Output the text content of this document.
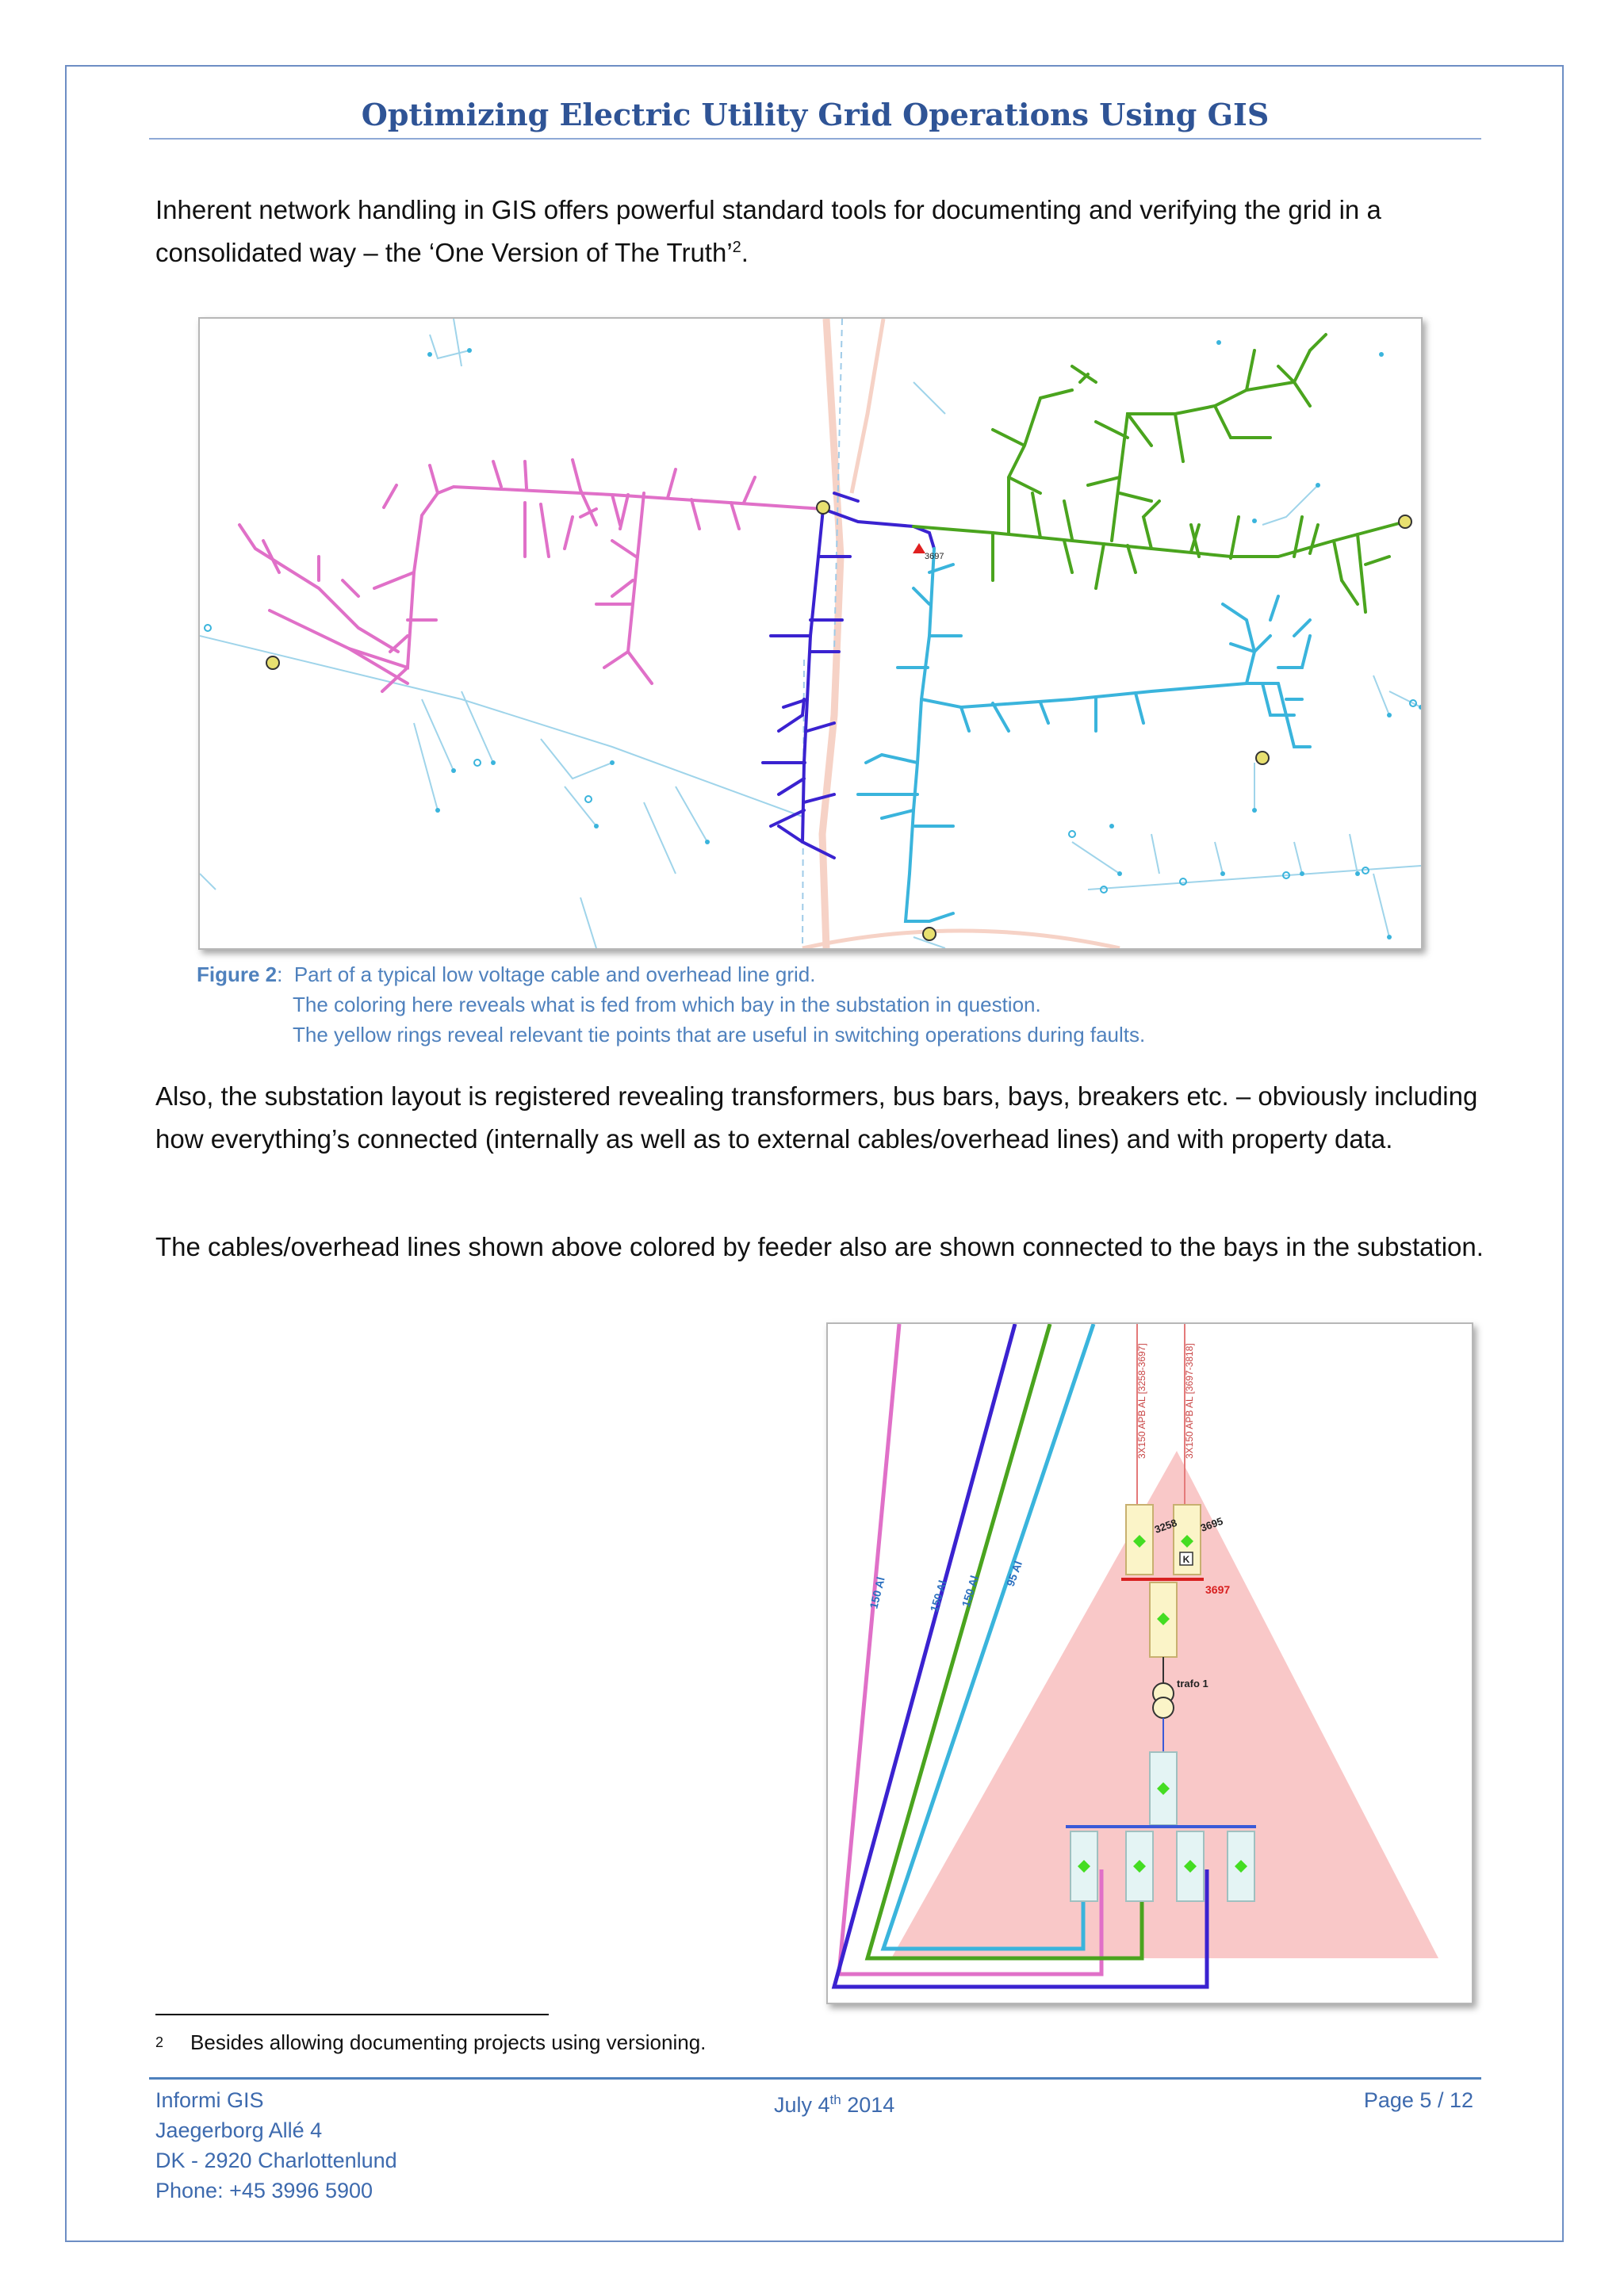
Optimizing Electric Utility Grid Operations Using GIS

Inherent network handling in GIS offers powerful standard tools for documenting and verifying the grid in a consolidated way – the ‘One Version of The Truth’$^2$.

3697
Figure 2: Part of a typical low voltage cable and overhead line grid.
The coloring here reveals what is fed from which bay in the substation in question.
The yellow rings reveal relevant tie points that are useful in switching operations during faults.

Also, the substation layout is registered revealing transformers, bus bars, bays, breakers etc. – obviously including how everything’s connected (internally as well as to external cables/overhead lines) and with property data.

The cables/overhead lines shown above colored by feeder also are shown connected to the bays in the substation.

150 Al	150 Al 150 Al
95 Al
3X150 APB AL [3258-3697]	3X150 APB AL [3697-3818]
3258 3695
K
3697
trafo 1
$^2$ Besides allowing documenting projects using versioning.
Informi GIS
Jaegerborg Allé 4
DK - 2920 Charlottenlund
Phone: +45 3996 5900
July 4th 2014	Page 5 / 12
